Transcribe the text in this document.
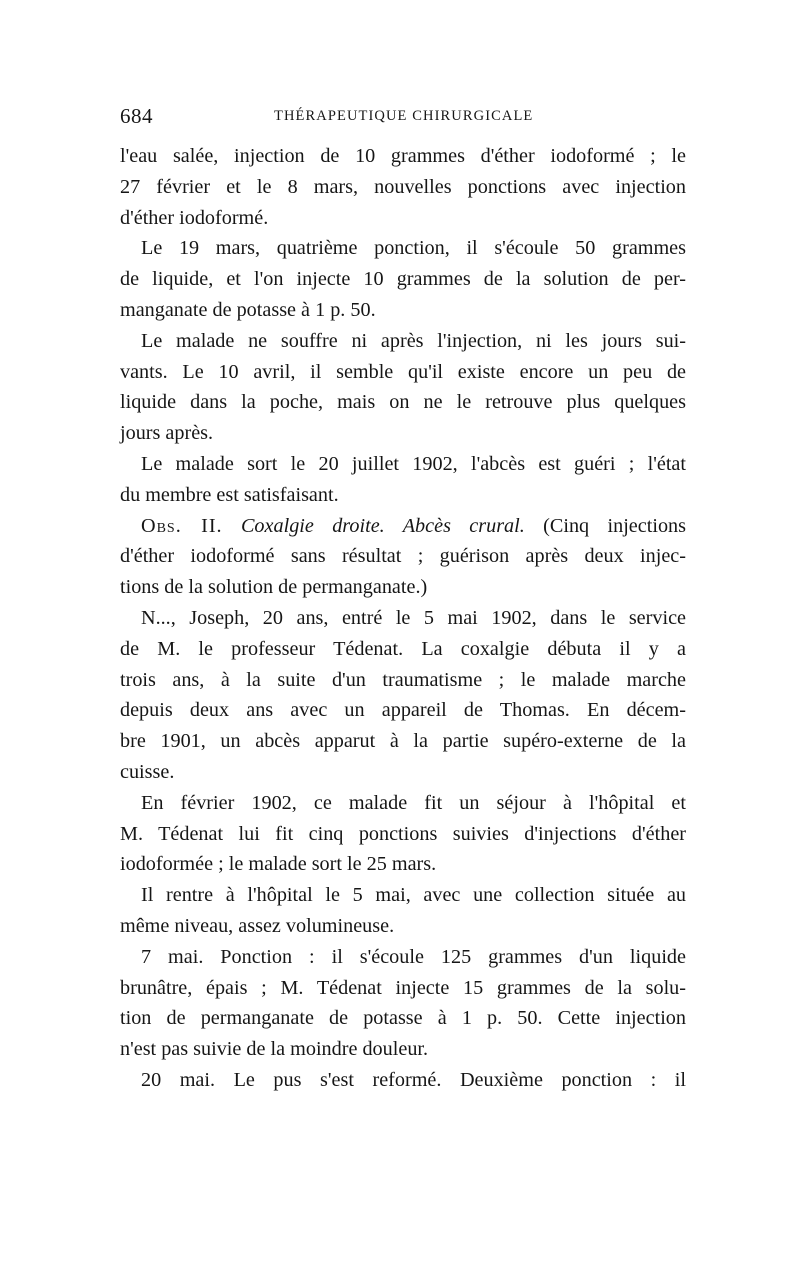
684	THÉRAPEUTIQUE CHIRURGICALE
l'eau salée, injection de 10 grammes d'éther iodoformé ; le
27 février et le 8 mars, nouvelles ponctions avec injection
d'éther iodoformé.
Le 19 mars, quatrième ponction, il s'écoule 50 grammes
de liquide, et l'on injecte 10 grammes de la solution de per-
manganate de potasse à 1 p. 50.
Le malade ne souffre ni après l'injection, ni les jours sui-
vants. Le 10 avril, il semble qu'il existe encore un peu de
liquide dans la poche, mais on ne le retrouve plus quelques
jours après.
Le malade sort le 20 juillet 1902, l'abcès est guéri ; l'état
du membre est satisfaisant.
Obs. II. Coxalgie droite. Abcès crural. (Cinq injections
d'éther iodoformé sans résultat ; guérison après deux injec-
tions de la solution de permanganate.)
N..., Joseph, 20 ans, entré le 5 mai 1902, dans le service
de M. le professeur Tédenat. La coxalgie débuta il y a
trois ans, à la suite d'un traumatisme ; le malade marche
depuis deux ans avec un appareil de Thomas. En décem-
bre 1901, un abcès apparut à la partie supéro-externe de la
cuisse.
En février 1902, ce malade fit un séjour à l'hôpital et
M. Tédenat lui fit cinq ponctions suivies d'injections d'éther
iodoformée ; le malade sort le 25 mars.
Il rentre à l'hôpital le 5 mai, avec une collection située au
même niveau, assez volumineuse.
7 mai. Ponction : il s'écoule 125 grammes d'un liquide
brunâtre, épais ; M. Tédenat injecte 15 grammes de la solu-
tion de permanganate de potasse à 1 p. 50. Cette injection
n'est pas suivie de la moindre douleur.
20 mai. Le pus s'est reformé. Deuxième ponction : il
